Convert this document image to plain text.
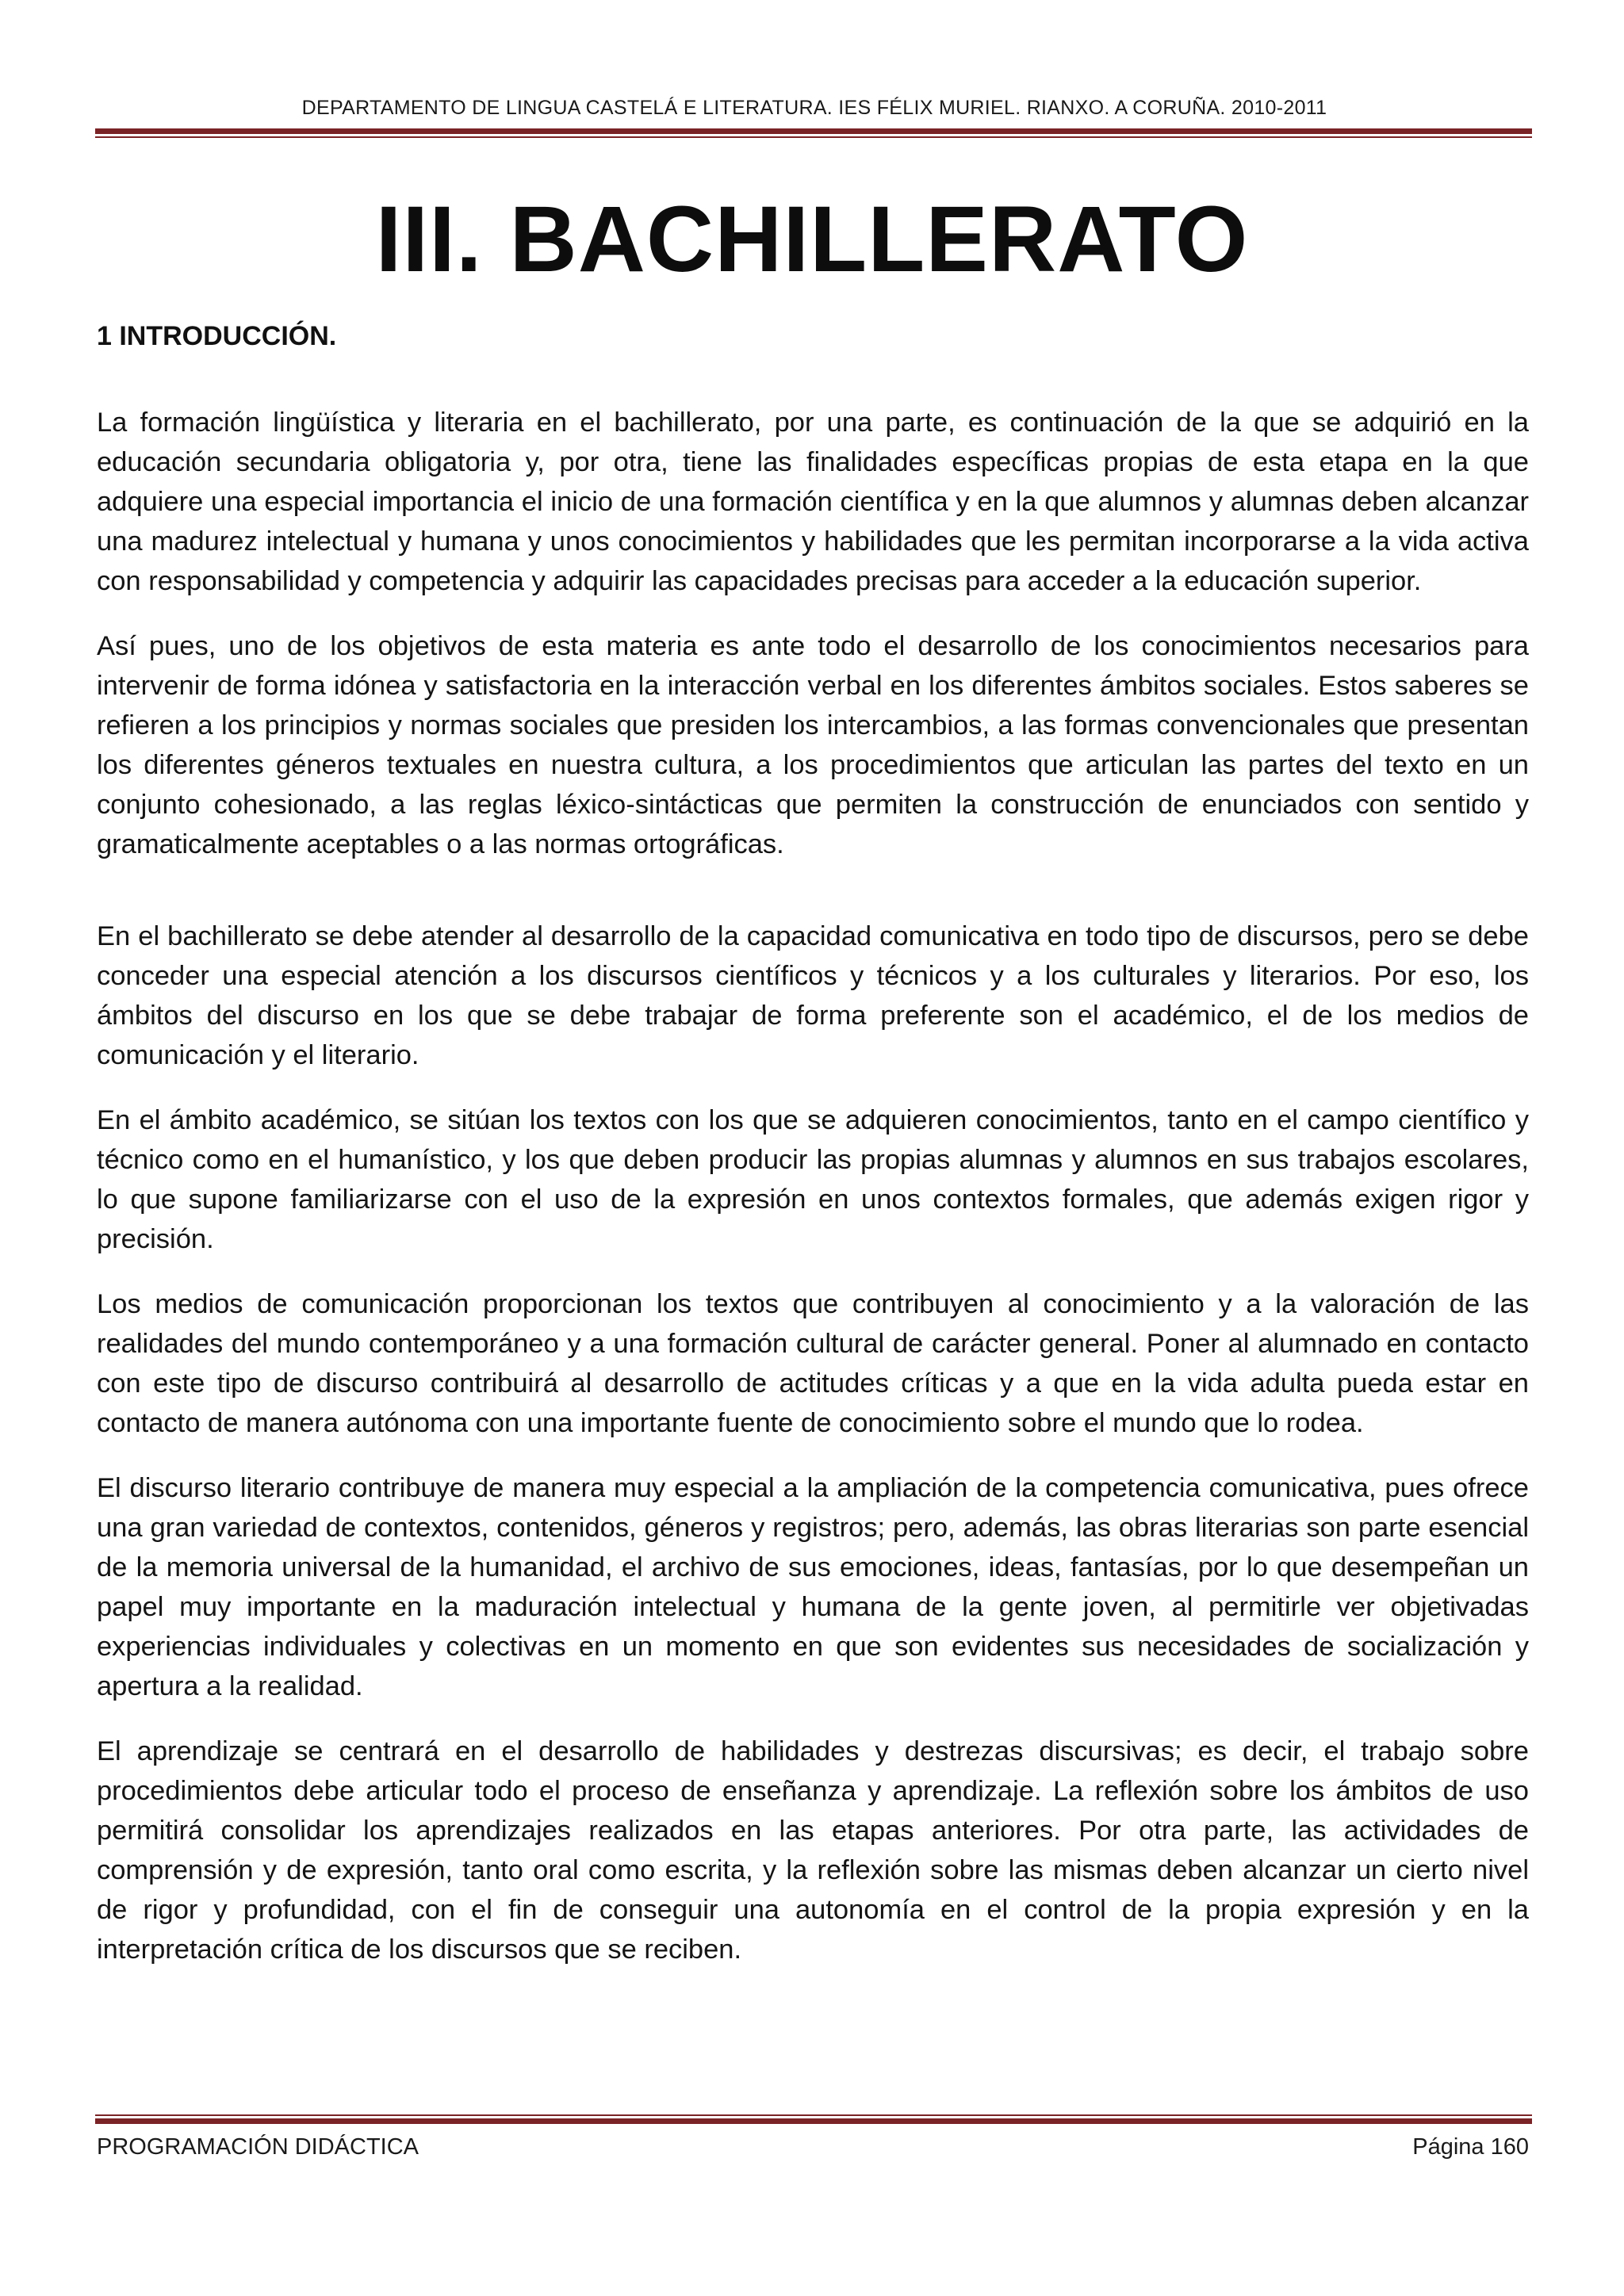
DEPARTAMENTO DE LINGUA CASTELÁ E LITERATURA. IES FÉLIX MURIEL. RIANXO. A CORUÑA. 2010-2011
III. BACHILLERATO
1 INTRODUCCIÓN.

La formación lingüística y literaria en el bachillerato, por una parte, es continuación de la que se adquirió en la educación secundaria obligatoria y, por otra, tiene las finalidades específicas propias de esta etapa en la que adquiere una especial importancia el inicio de una formación científica y en la que alumnos y alumnas deben alcanzar una madurez intelectual y humana y unos conocimientos y habilidades que les permitan incorporarse a la vida activa con responsabilidad y competencia y adquirir las capacidades precisas para acceder a la educación superior.

Así pues, uno de los objetivos de esta materia es ante todo el desarrollo de los conocimientos necesarios para intervenir de forma idónea y satisfactoria en la interacción verbal en los diferentes ámbitos sociales. Estos saberes se refieren a los principios y normas sociales que presiden los intercambios, a las formas convencionales que presentan los diferentes géneros textuales en nuestra cultura, a los procedimientos que articulan las partes del texto en un conjunto cohesionado, a las reglas léxico-sintácticas que permiten la construcción de enunciados con sentido y gramaticalmente aceptables o a las normas ortográficas.

En el bachillerato se debe atender al desarrollo de la capacidad comunicativa en todo tipo de discursos, pero se debe conceder una especial atención a los discursos científicos y técnicos y a los culturales y literarios. Por eso, los ámbitos del discurso en los que se debe trabajar de forma preferente son el académico, el de los medios de comunicación y el literario.

En el ámbito académico, se sitúan los textos con los que se adquieren conocimientos, tanto en el campo científico y técnico como en el humanístico, y los que deben producir las propias alumnas y alumnos en sus trabajos escolares, lo que supone familiarizarse con el uso de la expresión en unos contextos formales, que además exigen rigor y precisión.

Los medios de comunicación proporcionan los textos que contribuyen al conocimiento y a la valoración de las realidades del mundo contemporáneo y a una formación cultural de carácter general. Poner al alumnado en contacto con este tipo de discurso contribuirá al desarrollo de actitudes críticas y a que en la vida adulta pueda estar en contacto de manera autónoma con una importante fuente de conocimiento sobre el mundo que lo rodea.

El discurso literario contribuye de manera muy especial a la ampliación de la competencia comunicativa, pues ofrece una gran variedad de contextos, contenidos, géneros y registros; pero, además, las obras literarias son parte esencial de la memoria universal de la humanidad, el archivo de sus emociones, ideas, fantasías, por lo que desempeñan un papel muy importante en la maduración intelectual y humana de la gente joven, al permitirle ver objetivadas experiencias individuales y colectivas en un momento en que son evidentes sus necesidades de socialización y apertura a la realidad.

El aprendizaje se centrará en el desarrollo de habilidades y destrezas discursivas; es decir, el trabajo sobre procedimientos debe articular todo el proceso de enseñanza y aprendizaje. La reflexión sobre los ámbitos de uso permitirá consolidar los aprendizajes realizados en las etapas anteriores. Por otra parte, las actividades de comprensión y de expresión, tanto oral como escrita, y la reflexión sobre las mismas deben alcanzar un cierto nivel de rigor y profundidad, con el fin de conseguir una autonomía en el control de la propia expresión y en la interpretación crítica de los discursos que se reciben.

PROGRAMACIÓN DIDÁCTICA	Página 160
